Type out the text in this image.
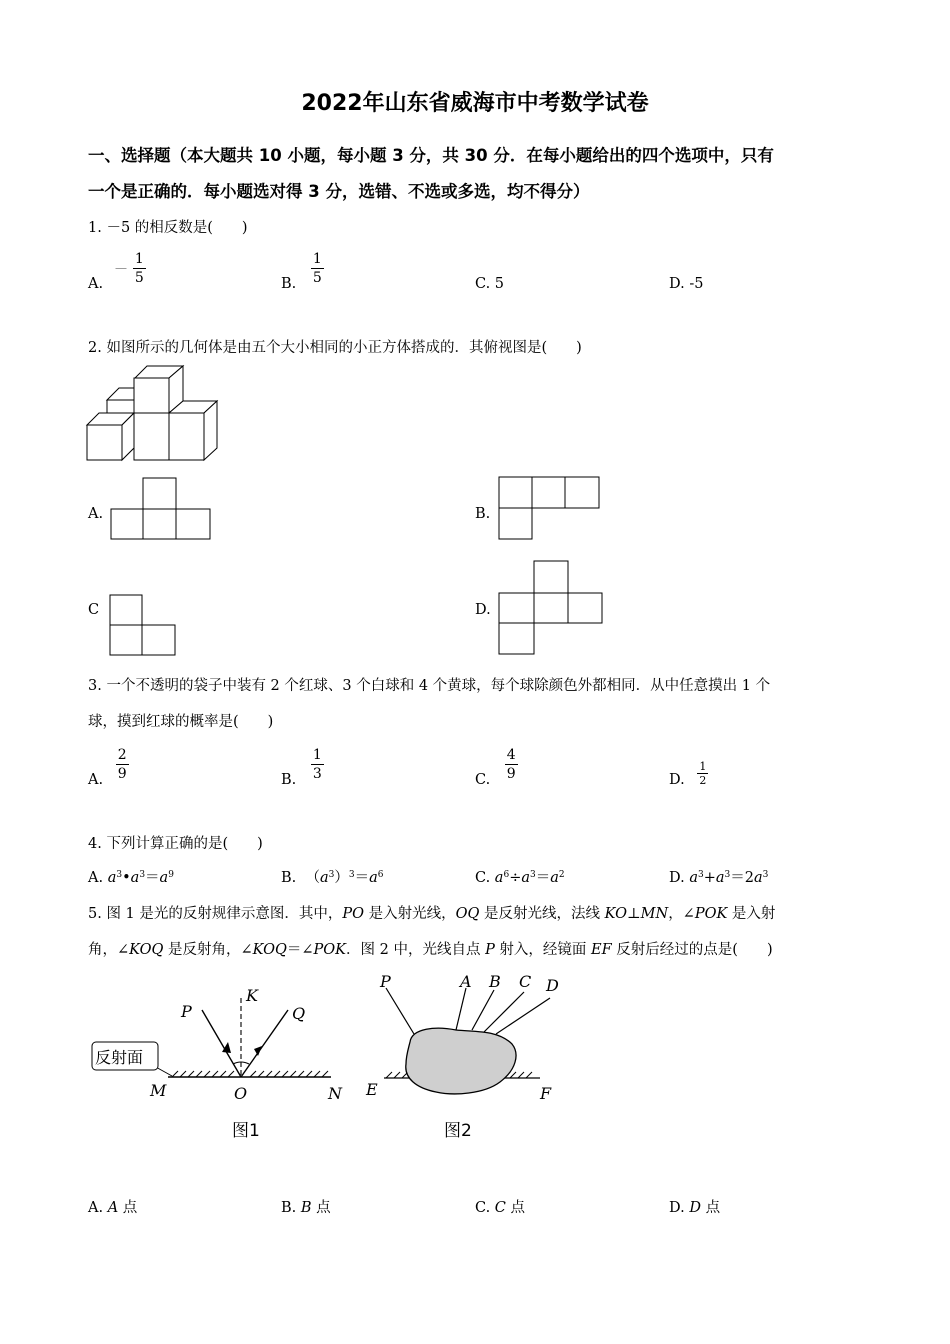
2022年山东省威海市中考数学试卷
一、选择题（本大题共 10 小题，每小题 3 分，共 30 分．在每小题给出的四个选项中，只有
一个是正确的．每小题选对得 3 分，选错、不选或多选，均不得分）
1. －5 的相反数是(　　)
A. － $\frac{1}{5}$	B. $\frac{1}{5}$	C. 5	D. -5
2. 如图所示的几何体是由五个大小相同的小正方体搭成的．其俯视图是(　　)
A.	B.
C	D.
3. 一个不透明的袋子中装有 2 个红球、3 个白球和 4 个黄球，每个球除颜色外都相同．从中任意摸出 1 个
球，摸到红球的概率是(　　)
A. $\frac{2}{9}$	B. $\frac{1}{3}$	C. $\frac{4}{9}$	D. $\frac{1}{2}$
4. 下列计算正确的是(　　)
A. $a^3•a^3=a^9$	B. $(a^3)^3=a^6$	C. $a^6\div a^3=a^2$	D. $a^3+a^3=2a^3$
5. 图 1 是光的反射规律示意图．其中，PO 是入射光线，OQ 是反射光线，法线 KO⊥MN，∠POK 是入射
角，∠KOQ 是反射角，∠KOQ＝∠POK．图 2 中，光线自点 P 射入，经镜面 EF 反射后经过的点是(　　)
反射面
K
P	Q
M	O	N
图1
P	A B C D
E	F
图2
A. A 点	B. B 点	C. C 点	D. D 点
